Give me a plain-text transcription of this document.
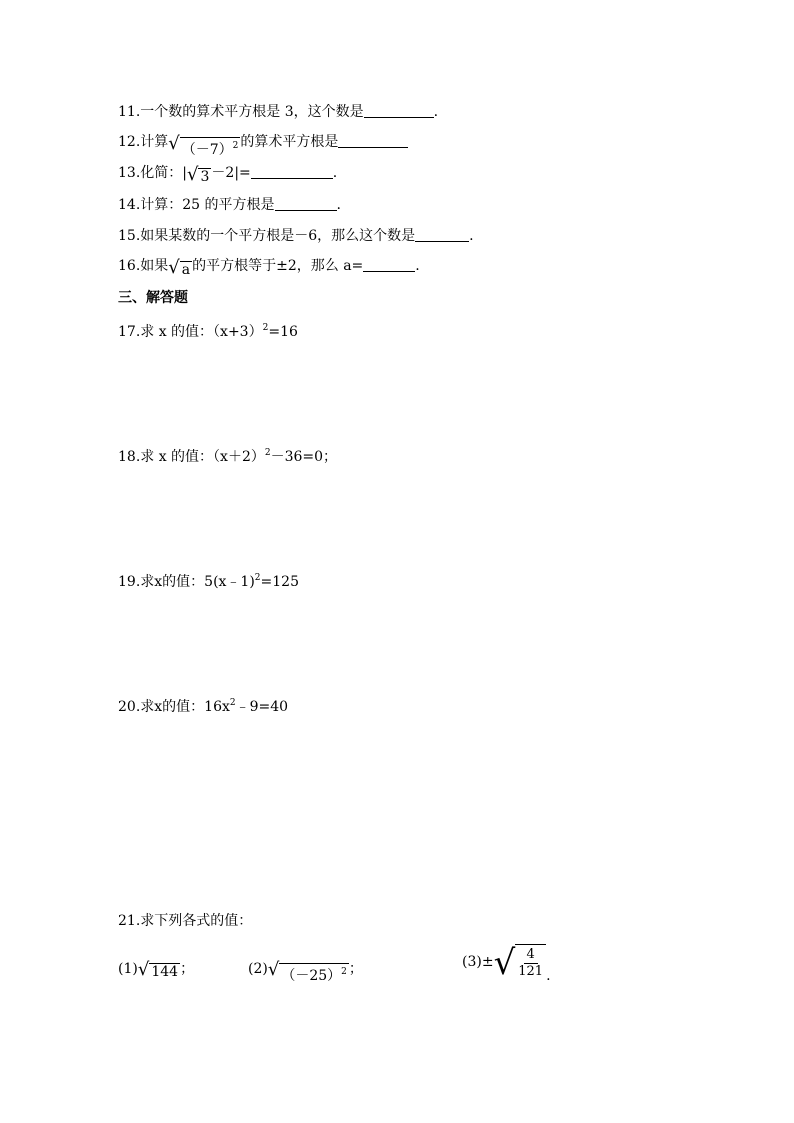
11.一个数的算术平方根是 3，这个数是	.
12.计算√ $(-7)^2$ 的算术平方根是
13.化简：|√ 3 －2|=	.
14.计算：25 的平方根是	.
15.如果某数的一个平方根是－6，那么这个数是	.
16.如果√ a 的平方根等于±2，那么 a=	.
三、解答题
17.求 x 的值：$(x+3)^2=16$
18.求 x 的值：$(x+2)^2-36=0$；
19.求x的值：5(x﹣1)$^2$=125
20.求x的值：$16x^2﹣9=40$
21.求下列各式的值：
(1)√ 144 ；	(2)√ $(-25)^2$ ；	(3)± √ $\frac{4}{121}$ .
